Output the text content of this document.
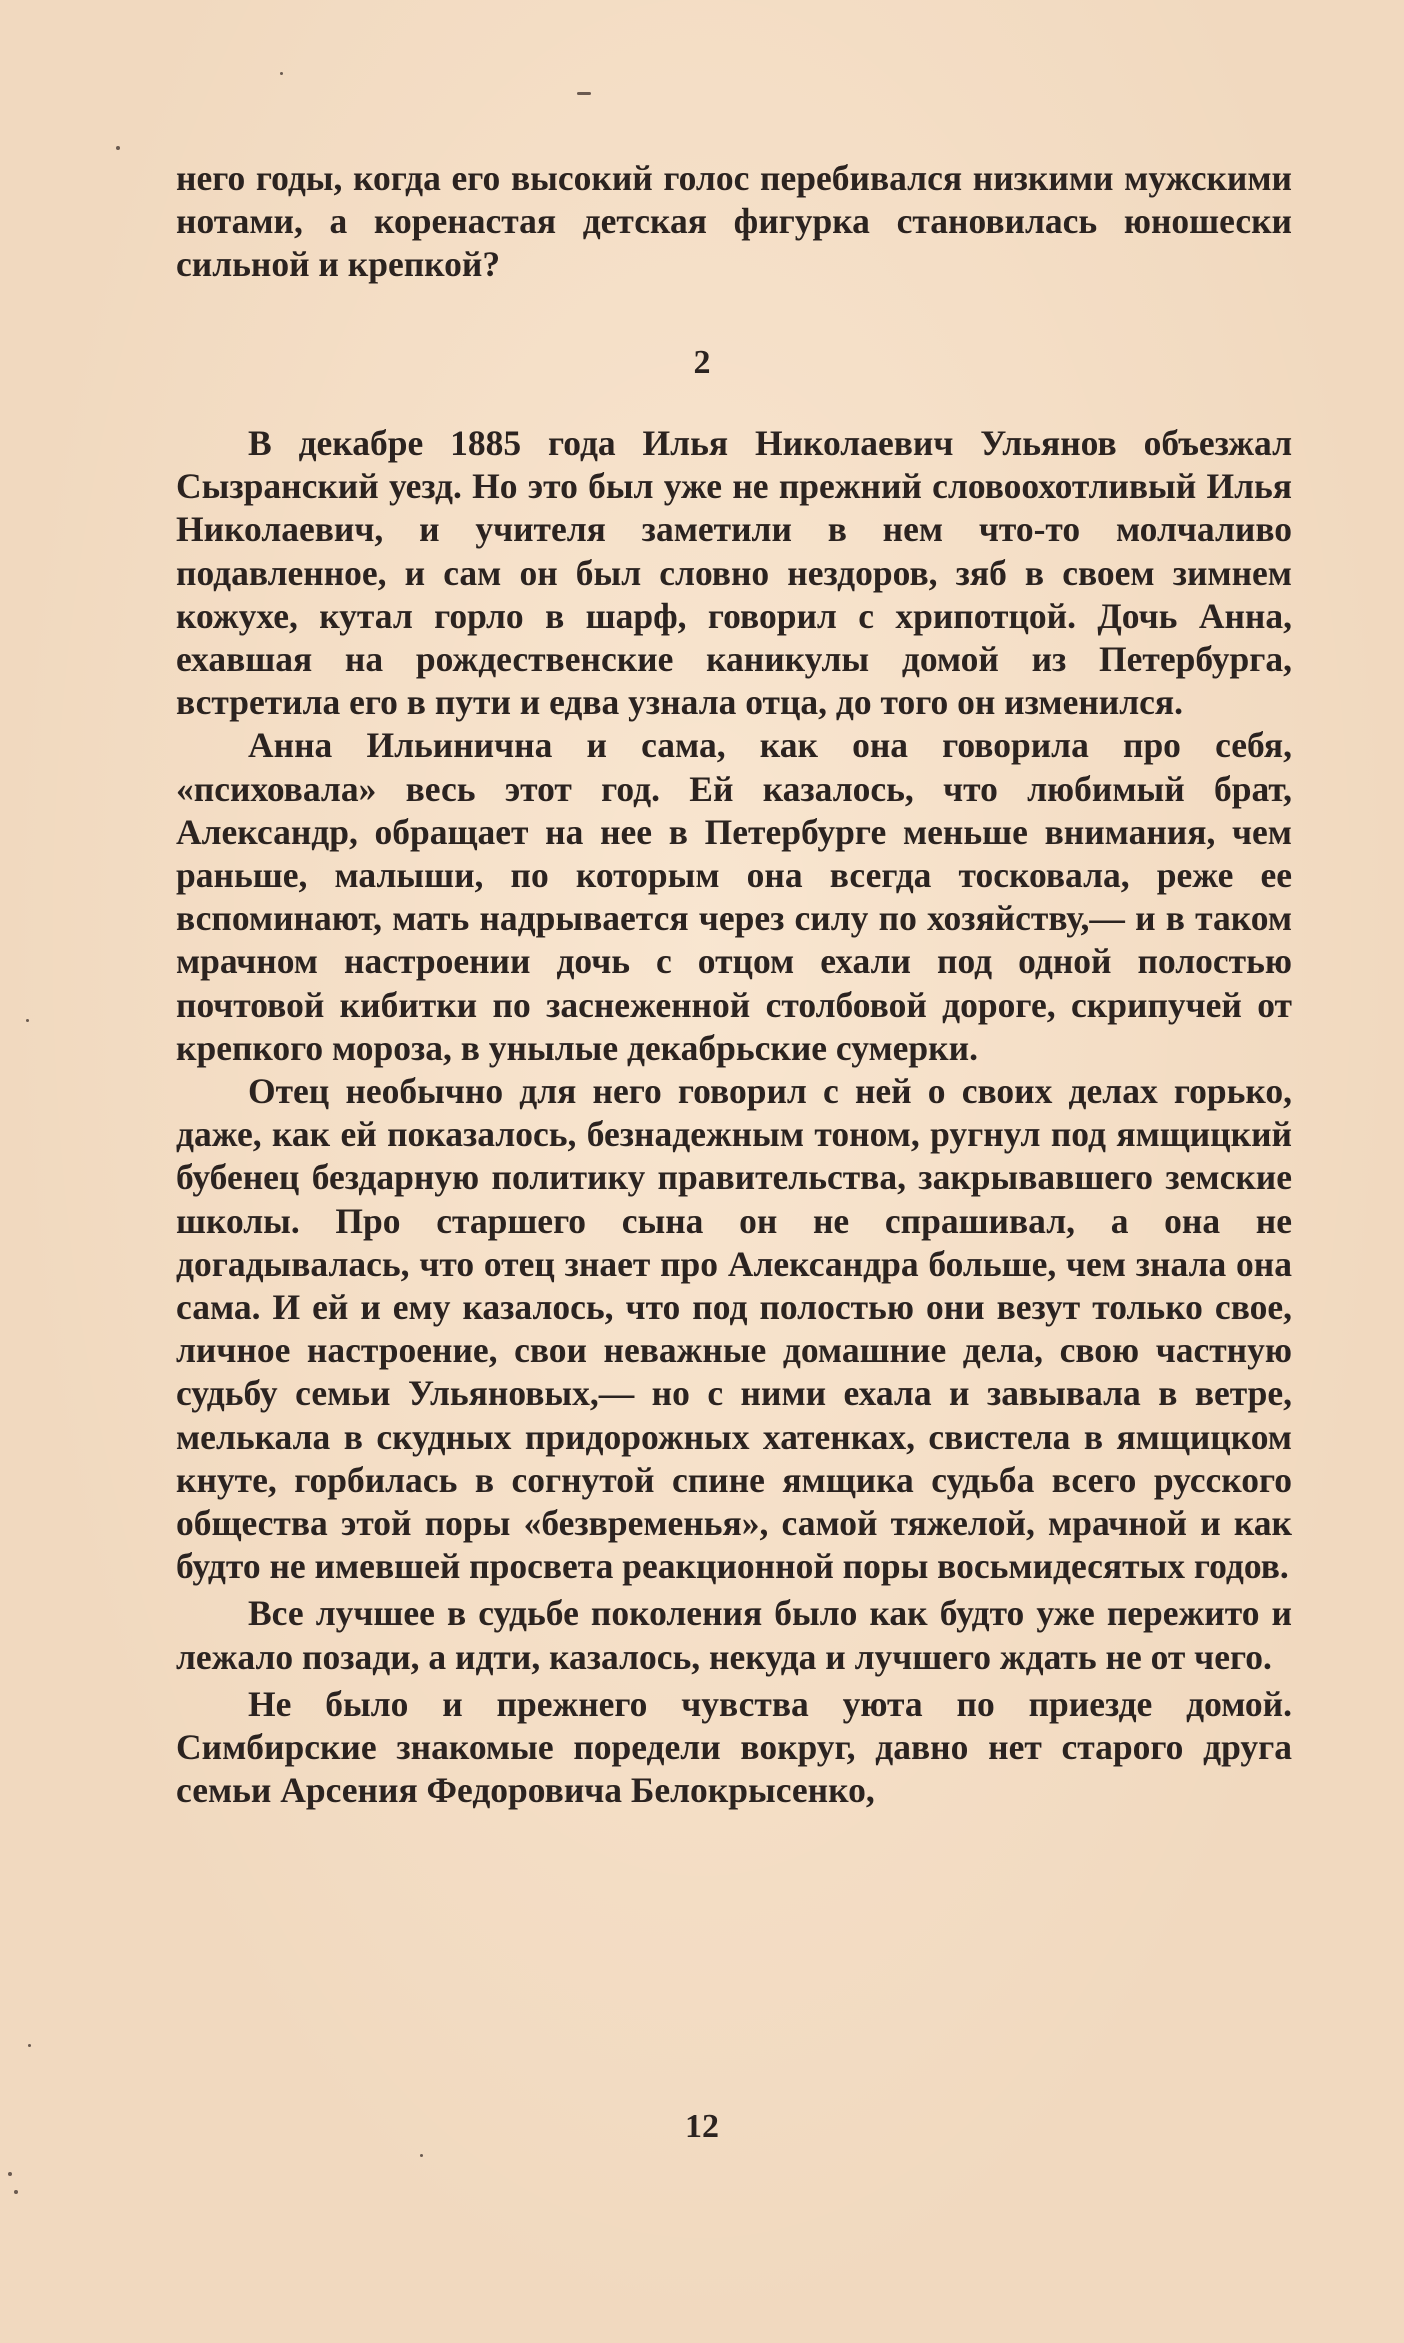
него годы, когда его высокий голос перебивался низкими мужскими нотами, а коренастая детская фигурка становилась юношески сильной и крепкой?

2

В декабре 1885 года Илья Николаевич Ульянов объезжал Сызранский уезд. Но это был уже не прежний словоохотливый Илья Николаевич, и учителя заметили в нем что-то молчаливо подавленное, и сам он был словно нездоров, зяб в своем зимнем кожухе, кутал горло в шарф, говорил с хрипотцой. Дочь Анна, ехавшая на рождественские каникулы домой из Петербурга, встретила его в пути и едва узнала отца, до того он изменился.

Анна Ильинична и сама, как она говорила про себя, «психовала» весь этот год. Ей казалось, что любимый брат, Александр, обращает на нее в Петербурге меньше внимания, чем раньше, малыши, по которым она всегда тосковала, реже ее вспоминают, мать надрывается через силу по хозяйству,— и в таком мрачном настроении дочь с отцом ехали под одной полостью почтовой кибитки по заснеженной столбовой дороге, скрипучей от крепкого мороза, в унылые декабрьские сумерки.

Отец необычно для него говорил с ней о своих делах горько, даже, как ей показалось, безнадежным тоном, ругнул под ямщицкий бубенец бездарную политику правительства, закрывавшего земские школы. Про старшего сына он не спрашивал, а она не догадывалась, что отец знает про Александра больше, чем знала она сама. И ей и ему казалось, что под полостью они везут только свое, личное настроение, свои неважные домашние дела, свою частную судьбу семьи Ульяновых,— но с ними ехала и завывала в ветре, мелькала в скудных придорожных хатенках, свистела в ямщицком кнуте, горбилась в согнутой спине ямщика судьба всего русского общества этой поры «безвременья», самой тяжелой, мрачной и как будто не имевшей просвета реакционной поры восьмидесятых годов.

Все лучшее в судьбе поколения было как будто уже пережито и лежало позади, а идти, казалось, некуда и лучшего ждать не от чего.

Не было и прежнего чувства уюта по приезде домой. Симбирские знакомые поредели вокруг, давно нет старого друга семьи Арсения Федоровича Белокрысенко,

12
